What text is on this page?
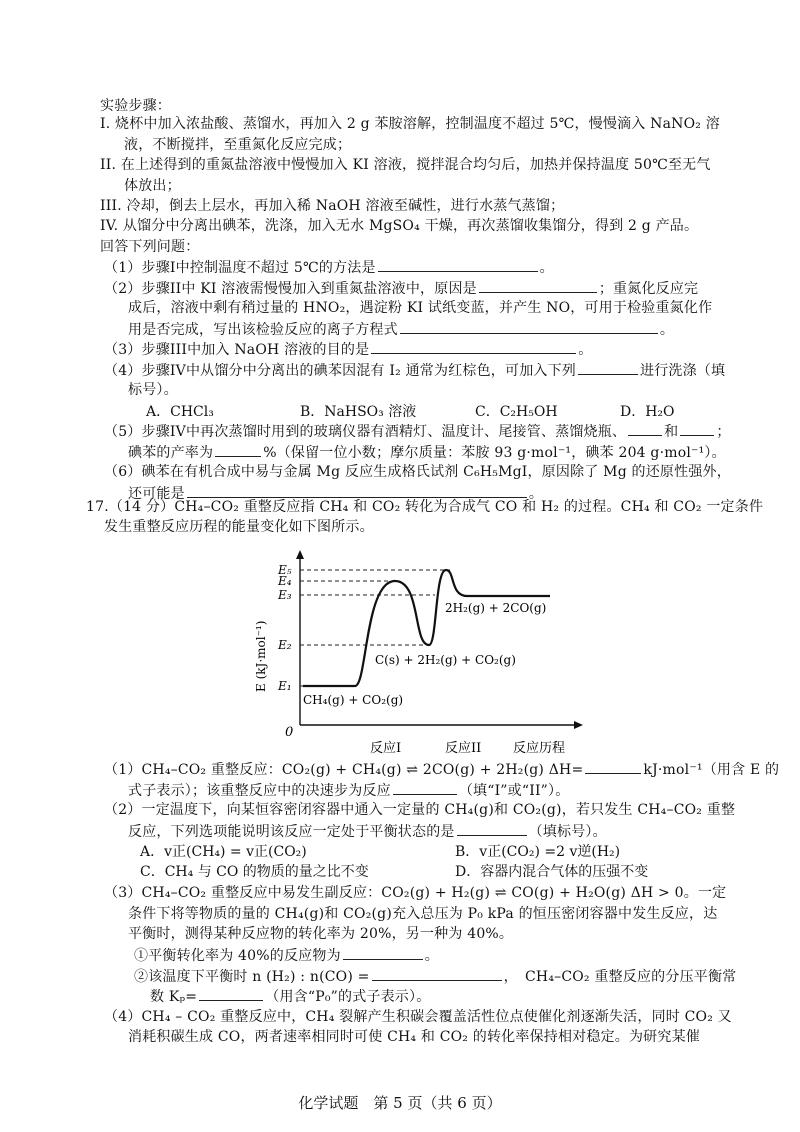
实验步骤：
I. 烧杯中加入浓盐酸、蒸馏水，再加入 2 g 苯胺溶解，控制温度不超过 5℃，慢慢滴入 NaNO₂ 溶
液，不断搅拌，至重氮化反应完成；
II. 在上述得到的重氮盐溶液中慢慢加入 KI 溶液，搅拌混合均匀后，加热并保持温度 50℃至无气
体放出；
III. 冷却，倒去上层水，再加入稀 NaOH 溶液至碱性，进行水蒸气蒸馏；
IV. 从馏分中分离出碘苯，洗涤，加入无水 MgSO₄ 干燥，再次蒸馏收集馏分，得到 2 g 产品。
回答下列问题：
（1）步骤I中控制温度不超过 5℃的方法是	。
（2）步骤II中 KI 溶液需慢慢加入到重氮盐溶液中，原因是	；重氮化反应完
成后，溶液中剩有稍过量的 HNO₂，遇淀粉 KI 试纸变蓝，并产生 NO，可用于检验重氮化作
用是否完成，写出该检验反应的离子方程式	。
（3）步骤III中加入 NaOH 溶液的目的是	。
（4）步骤IV中从馏分中分离出的碘苯因混有 I₂ 通常为红棕色，可加入下列	进行洗涤（填
标号）。
A．CHCl₃	B．NaHSO₃ 溶液	C．C₂H₅OH	D．H₂O
（5）步骤IV中再次蒸馏时用到的玻璃仪器有酒精灯、温度计、尾接管、蒸馏烧瓶、	和	；
碘苯的产率为	%（保留一位小数；摩尔质量：苯胺 93 g·mol⁻¹，碘苯 204 g·mol⁻¹）。
（6）碘苯在有机合成中易与金属 Mg 反应生成格氏试剂 C₆H₅MgI，原因除了 Mg 的还原性强外，
还可能是	。
17.（14 分）CH₄–CO₂ 重整反应指 CH₄ 和 CO₂ 转化为合成气 CO 和 H₂ 的过程。CH₄ 和 CO₂ 一定条件
发生重整反应历程的能量变化如下图所示。
E₅
E₄
E₃
E₂
E₁
0
E (kJ·mol⁻¹)
CH₄(g) + CO₂(g)
C(s) + 2H₂(g) + CO₂(g)
2H₂(g) + 2CO(g)
反应I	反应II 反应历程
（1）CH₄–CO₂ 重整反应：CO₂(g) + CH₄(g) ⇌ 2CO(g) + 2H₂(g) ΔH=	kJ·mol⁻¹（用含 E 的
式子表示）；该重整反应中的决速步为反应	（填“I”或“II”）。
（2）一定温度下，向某恒容密闭容器中通入一定量的 CH₄(g)和 CO₂(g)，若只发生 CH₄–CO₂ 重整
反应，下列选项能说明该反应一定处于平衡状态的是	（填标号）。
A．v正(CH₄) = v正(CO₂)	B．v正(CO₂) =2 v逆(H₂)
C．CH₄ 与 CO 的物质的量之比不变	D．容器内混合气体的压强不变
（3）CH₄–CO₂ 重整反应中易发生副反应：CO₂(g) + H₂(g) ⇌ CO(g) + H₂O(g) ΔH > 0。一定
条件下将等物质的量的 CH₄(g)和 CO₂(g)充入总压为 P₀ kPa 的恒压密闭容器中发生反应，达
平衡时，测得某种反应物的转化率为 20%，另一种为 40%。
①平衡转化率为 40%的反应物为	。
②该温度下平衡时 n (H₂) : n(CO) =	，　CH₄–CO₂ 重整反应的分压平衡常
数 Kₚ=	（用含“P₀”的式子表示）。
（4）CH₄ – CO₂ 重整反应中，CH₄ 裂解产生积碳会覆盖活性位点使催化剂逐渐失活，同时 CO₂ 又
消耗积碳生成 CO，两者速率相同时可使 CH₄ 和 CO₂ 的转化率保持相对稳定。为研究某催
化学试题　第 5 页（共 6 页）
